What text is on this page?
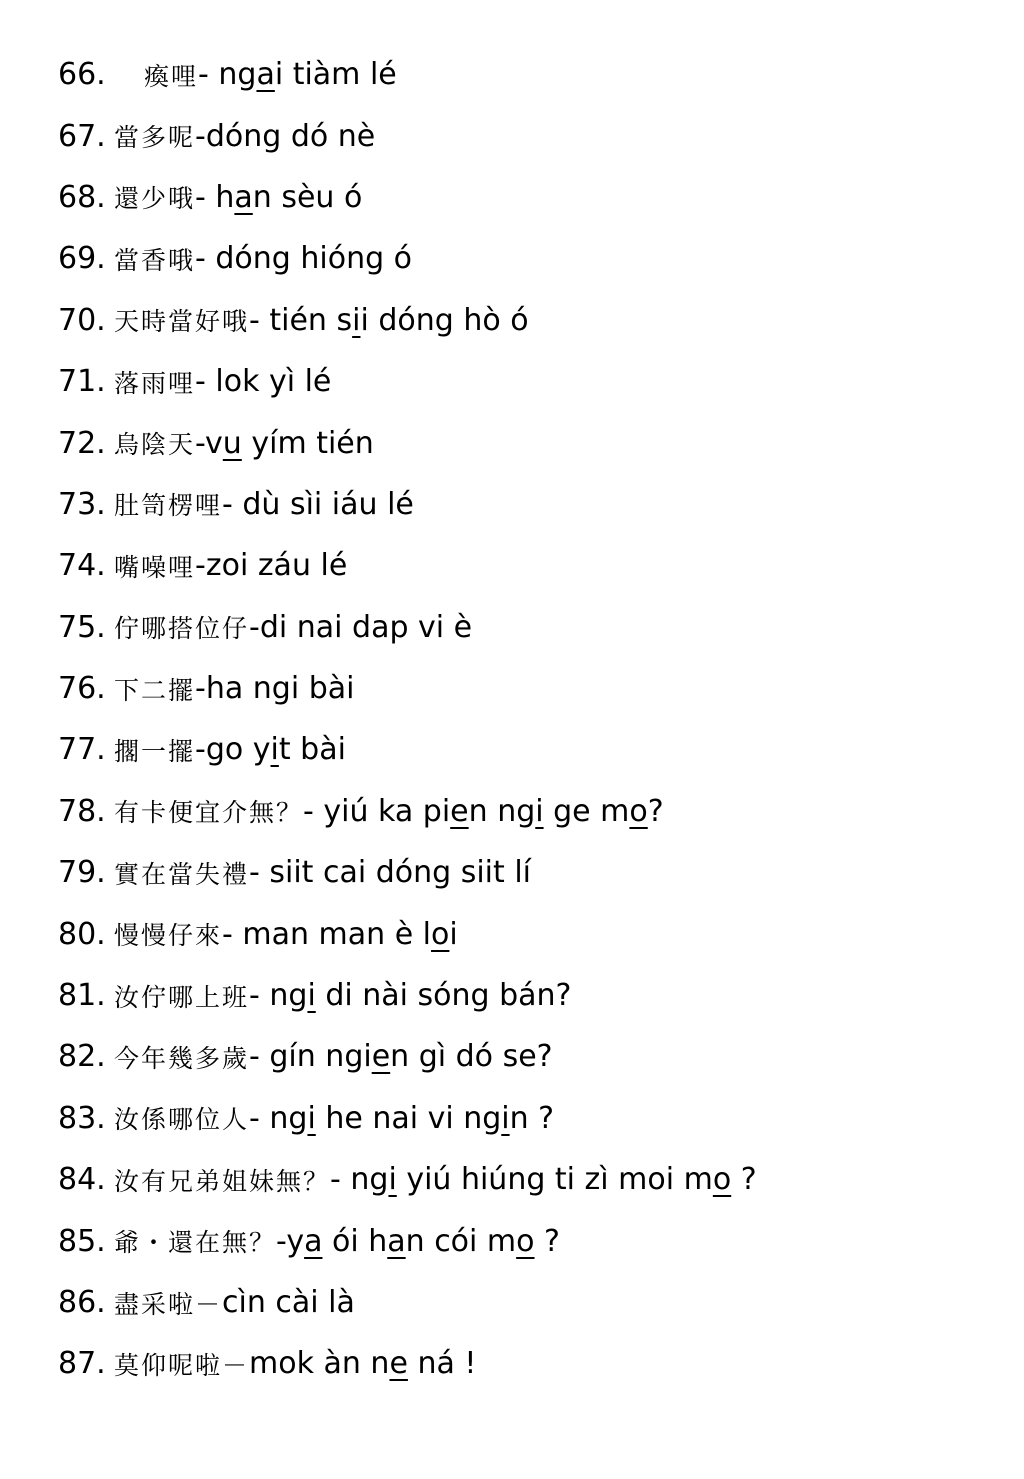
66.	瘓哩 - ngai tiàm lé
67. 當多呢 -dóng dó nè
68. 還少哦 - han sèu ó
69. 當香哦 - dóng hióng ó
70. 天時當好哦 - tién sii dóng hò ó
71. 落雨哩 - lok yì lé
72. 烏陰天 -vu yím tién
73. 肚笥楞哩 - dù sìi iáu lé
74. 嘴噪哩 -zoi záu lé
75. 佇哪搭位仔 -di nai dap vi è
76. 下二擺 -ha ngi bài
77. 擱一擺 -go yit bài
78. 有卡便宜介無？ - yiú ka pien ngi ge mo?
79. 實在當失禮 - siit cai dóng siit lí
80. 慢慢仔來 - man man è loi
81. 汝佇哪上班 - ngi di nài sóng bán?
82. 今年幾多歲 - gín ngien gì dó se?
83. 汝係哪位人 - ngi he nai vi ngin ?
84. 汝有兄弟姐妹無？ - ngi yiú hiúng ti zì moi mo ?
85. 爺・還在無？ -ya ói han cói mo ?
86. 盡采啦－ cìn cài là
87. 莫仰呢啦－ mok àn ne ná !
